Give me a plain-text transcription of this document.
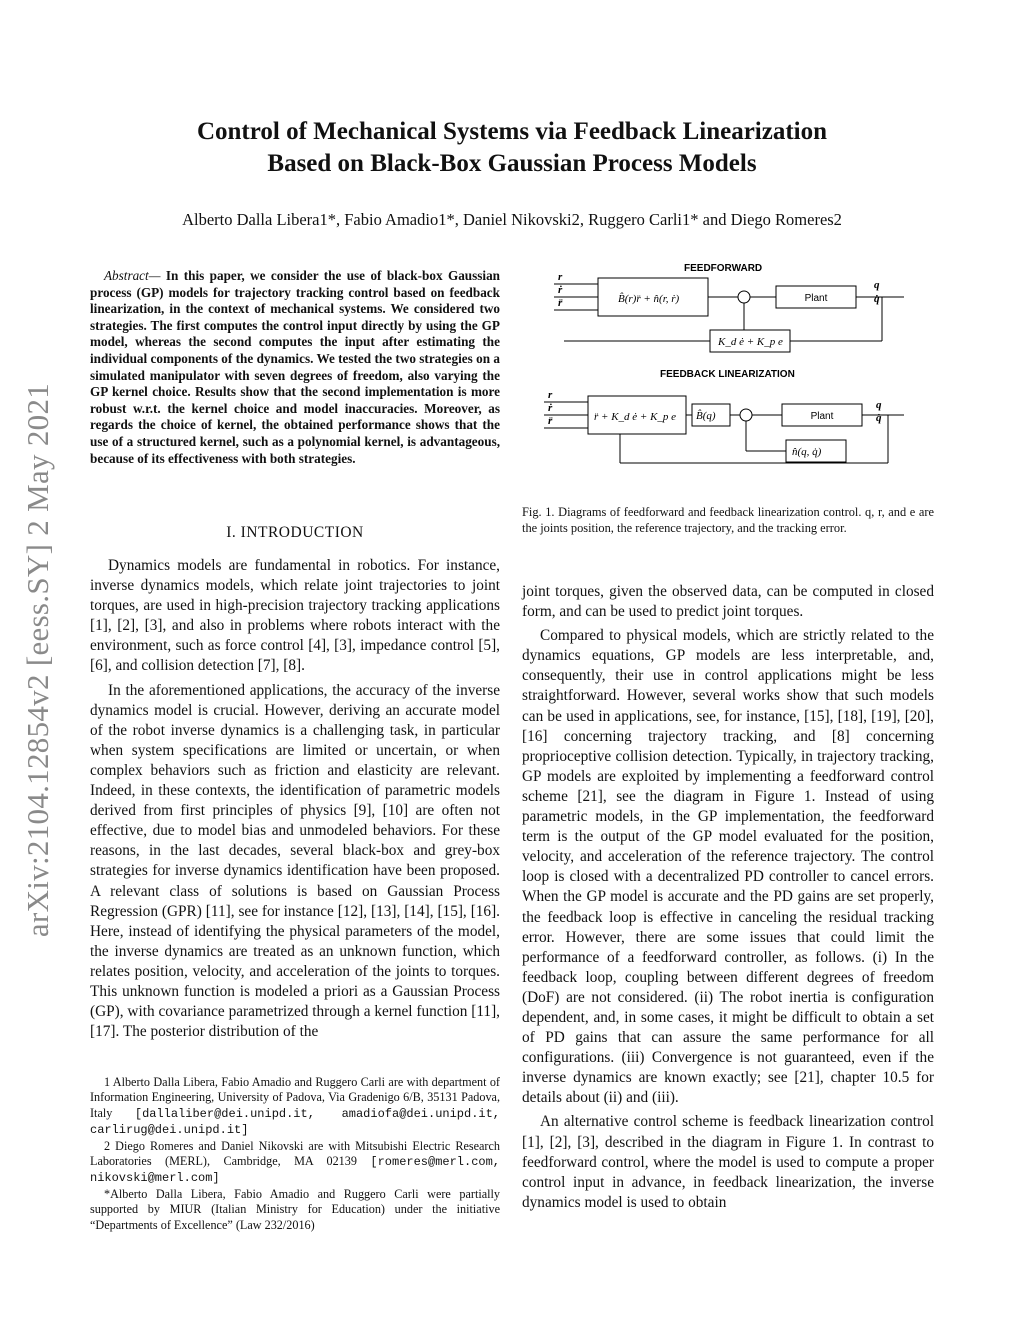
arXiv:2104.12854v2 [eess.SY] 2 May 2021
Control of Mechanical Systems via Feedback Linearization
Based on Black-Box Gaussian Process Models
Alberto Dalla Libera1*, Fabio Amadio1*, Daniel Nikovski2, Ruggero Carli1* and Diego Romeres2
Abstract— In this paper, we consider the use of black-box Gaussian process (GP) models for trajectory tracking control based on feedback linearization, in the context of mechanical systems. We considered two strategies. The first computes the control input directly by using the GP model, whereas the second computes the input after estimating the individual components of the dynamics. We tested the two strategies on a simulated manipulator with seven degrees of freedom, also varying the GP kernel choice. Results show that the second implementation is more robust w.r.t. the kernel choice and model inaccuracies. Moreover, as regards the choice of kernel, the obtained performance shows that the use of a structured kernel, such as a polynomial kernel, is advantageous, because of its effectiveness with both strategies.
I. INTRODUCTION

Dynamics models are fundamental in robotics. For instance, inverse dynamics models, which relate joint trajectories to joint torques, are used in high-precision trajectory tracking applications [1], [2], [3], and also in problems where robots interact with the environment, such as force control [4], [3], impedance control [5], [6], and collision detection [7], [8].

In the aforementioned applications, the accuracy of the inverse dynamics model is crucial. However, deriving an accurate model of the robot inverse dynamics is a challenging task, in particular when system specifications are limited or uncertain, or when complex behaviors such as friction and elasticity are relevant. Indeed, in these contexts, the identification of parametric models derived from first principles of physics [9], [10] are often not effective, due to model bias and unmodeled behaviors. For these reasons, in the last decades, several black-box and grey-box strategies for inverse dynamics identification have been proposed. A relevant class of solutions is based on Gaussian Process Regression (GPR) [11], see for instance [12], [13], [14], [15], [16]. Here, instead of identifying the physical parameters of the model, the inverse dynamics are treated as an unknown function, which relates position, velocity, and acceleration of the joints to torques. This unknown function is modeled a priori as a Gaussian Process (GP), with covariance parametrized through a kernel function [11], [17]. The posterior distribution of the

1 Alberto Dalla Libera, Fabio Amadio and Ruggero Carli are with department of Information Engineering, University of Padova, Via Gradenigo 6/B, 35131 Padova, Italy [dallaliber@dei.unipd.it, amadiofa@dei.unipd.it, carlirug@dei.unipd.it]

2 Diego Romeres and Daniel Nikovski are with Mitsubishi Electric Research Laboratories (MERL), Cambridge, MA 02139 [romeres@merl.com, nikovski@merl.com]

*Alberto Dalla Libera, Fabio Amadio and Ruggero Carli were partially supported by MIUR (Italian Ministry for Education) under the initiative “Departments of Excellence” (Law 232/2016)

FEEDFORWARD
r
ṙ
r̈	B̂(r)r̈ + n̂(r, ṙ)	Plant
q
q̇
K_d ė + K_p e
FEEDBACK LINEARIZATION
r
ṙ
r̈	r̈ + K_d ė + K_p e B̂(q)	Plant
q
q̇
n̂(q, q̇)
Fig. 1. Diagrams of feedforward and feedback linearization control. q, r, and e are the joints position, the reference trajectory, and the tracking error.

joint torques, given the observed data, can be computed in closed form, and can be used to predict joint torques.

Compared to physical models, which are strictly related to the dynamics equations, GP models are less interpretable, and, consequently, their use in control applications might be less straightforward. However, several works show that such models can be used in applications, see, for instance, [15], [18], [19], [20], [16] concerning trajectory tracking, and [8] concerning proprioceptive collision detection. Typically, in trajectory tracking, GP models are exploited by implementing a feedforward control scheme [21], see the diagram in Figure 1. Instead of using parametric models, in the GP implementation, the feedforward term is the output of the GP model evaluated for the position, velocity, and acceleration of the reference trajectory. The control loop is closed with a decentralized PD controller to cancel errors. When the GP model is accurate and the PD gains are set properly, the feedback loop is effective in canceling the residual tracking error. However, there are some issues that could limit the performance of a feedforward controller, as follows. (i) In the feedback loop, coupling between different degrees of freedom (DoF) are not considered. (ii) The robot inertia is configuration dependent, and, in some cases, it might be difficult to obtain a set of PD gains that can assure the same performance for all configurations. (iii) Convergence is not guaranteed, even if the inverse dynamics are known exactly; see [21], chapter 10.5 for details about (ii) and (iii).

An alternative control scheme is feedback linearization control [1], [2], [3], described in the diagram in Figure 1. In contrast to feedforward control, where the model is used to compute a proper control input in advance, in feedback linearization, the inverse dynamics model is used to obtain
